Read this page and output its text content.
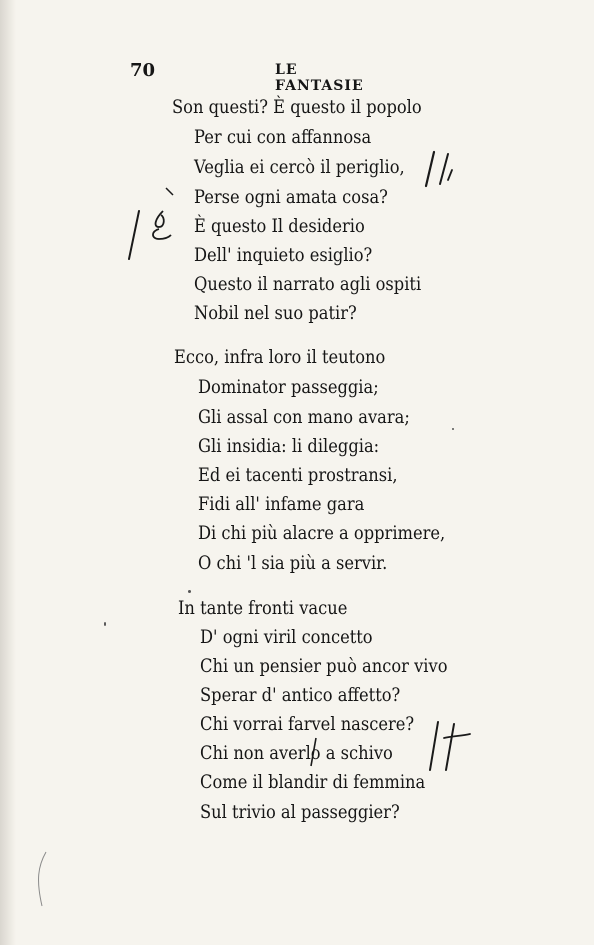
70	LE FANTASIE
Son questi? È questo il popolo
Per cui con affannosa
Veglia ei cercò il periglio,
Perse ogni amata cosa?
È questo Il desiderio
Dell' inquieto esiglio?
Questo il narrato agli ospiti
Nobil nel suo patir?
Ecco, infra loro il teutono
Dominator passeggia;
Gli assal con mano avara;
Gli insidia: li dileggia:
Ed ei tacenti prostransi,
Fidi all' infame gara
Di chi più alacre a opprimere,
O chi 'l sia più a servir.
In tante fronti vacue
D' ogni viril concetto
Chi un pensier può ancor vivo
Sperar d' antico affetto?
Chi vorrai farvel nascere?
Chi non averlo a schivo
Come il blandir di femmina
Sul trivio al passeggier?
